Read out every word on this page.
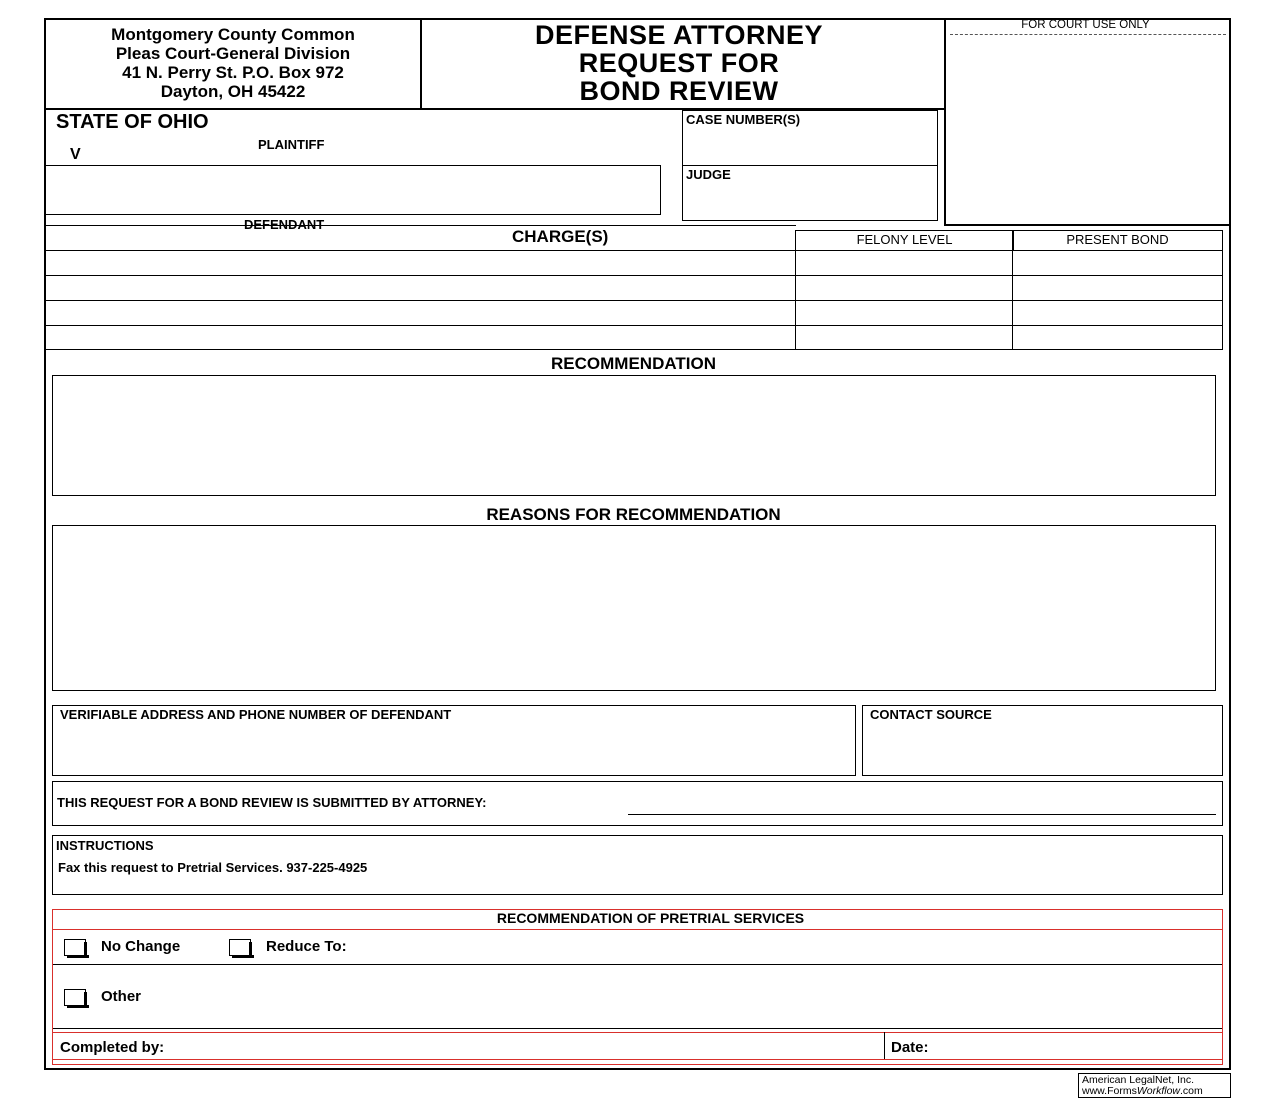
Montgomery County Common
Pleas Court-General Division
41 N. Perry St. P.O. Box 972
Dayton, OH 45422
DEFENSE ATTORNEY
REQUEST FOR
BOND REVIEW
FOR COURT USE ONLY
STATE OF OHIO
PLAINTIFF
V
DEFENDANT
CASE NUMBER(S)
JUDGE
CHARGE(S)	FELONY LEVEL	PRESENT BOND
RECOMMENDATION
REASONS FOR RECOMMENDATION
VERIFIABLE ADDRESS AND PHONE NUMBER OF DEFENDANT	CONTACT SOURCE
THIS REQUEST FOR A BOND REVIEW IS SUBMITTED BY ATTORNEY:
INSTRUCTIONS
Fax this request to Pretrial Services. 937-225-4925
RECOMMENDATION OF PRETRIAL SERVICES
No Change	Reduce To:
Other
Completed by:	Date:
American LegalNet, Inc.
www.FormsWorkflow.com
